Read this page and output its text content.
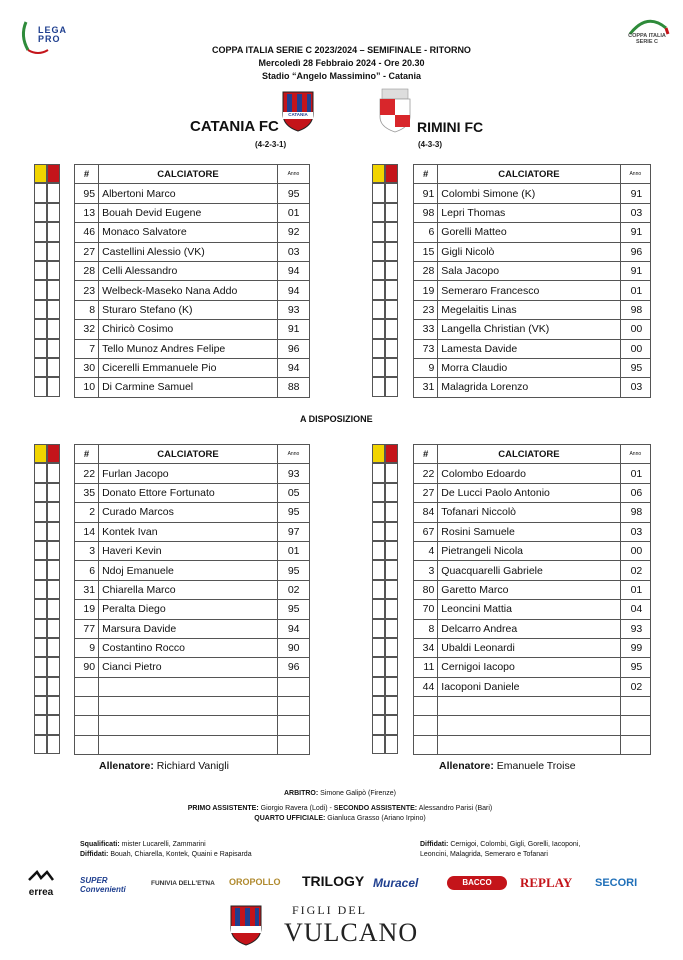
LEGA PRO	COPPA ITALIA SERIE C
COPPA ITALIA SERIE C 2023/2024 – SEMIFINALE - RITORNO
Mercoledì 28 Febbraio 2024 - Ore 20.30
Stadio “Angelo Massimino” - Catania
CATANIA
CATANIA FC
(4-2-3-1)
RIMINI FC
(4-3-3)
#	CALCIATORE	Anno
95	Albertoni Marco	95
13	Bouah Devid Eugene	01
46	Monaco Salvatore	92
27	Castellini Alessio (VK)	03
28	Celli Alessandro	94
23	Welbeck-Maseko Nana Addo	94
8	Sturaro Stefano (K)	93
32	Chiricò Cosimo	91
7	Tello Munoz Andres Felipe	96
30	Cicerelli Emmanuele Pio	94
10	Di Carmine Samuel	88
#	CALCIATORE	Anno
91	Colombi Simone (K)	91
98	Lepri Thomas	03
6	Gorelli Matteo	91
15	Gigli Nicolò	96
28	Sala Jacopo	91
19	Semeraro Francesco	01
23	Megelaitis Linas	98
33	Langella Christian (VK)	00
73	Lamesta Davide	00
9	Morra Claudio	95
31	Malagrida Lorenzo	03
A DISPOSIZIONE
#	CALCIATORE	Anno
22	Furlan Jacopo	93
35	Donato Ettore Fortunato	05
2	Curado Marcos	95
14	Kontek Ivan	97
3	Haveri Kevin	01
6	Ndoj Emanuele	95
31	Chiarella Marco	02
19	Peralta Diego	95
77	Marsura Davide	94
9	Costantino Rocco	90
90	Cianci Pietro	96

#	CALCIATORE	Anno
22	Colombo Edoardo	01
27	De Lucci Paolo Antonio	06
84	Tofanari Niccolò	98
67	Rosini Samuele	03
4	Pietrangeli Nicola	00
3	Quacquarelli Gabriele	02
80	Garetto Marco	01
70	Leoncini Mattia	04
8	Delcarro Andrea	93
34	Ubaldi Leonardi	99
11	Cernigoi Iacopo	95
44	Iacoponi Daniele	02

Allenatore: Richiard Vanigli	Allenatore: Emanuele Troise
ARBITRO: Simone Galipò (Firenze)
PRIMO ASSISTENTE: Giorgio Ravera (Lodi) - SECONDO ASSISTENTE: Alessandro Parisi (Bari)
QUARTO UFFICIALE: Gianluca Grasso (Ariano Irpino)
Squalificati: mister Lucarelli, Zammarini
Diffidati: Bouah, Chiarella, Kontek, Quaini e Rapisarda
Diffidati: Cernigoi, Colombi, Gigli, Gorelli, Iacoponi,
Leoncini, Malagrida, Semeraro e Tofanari
errea
SUPER Convenienti
FUNIVIA DELL'ETNA OROPOLLO TRILOGY Muracel	BACCO	REPLAY SECORI
FIGLI DEL
VULCANO
